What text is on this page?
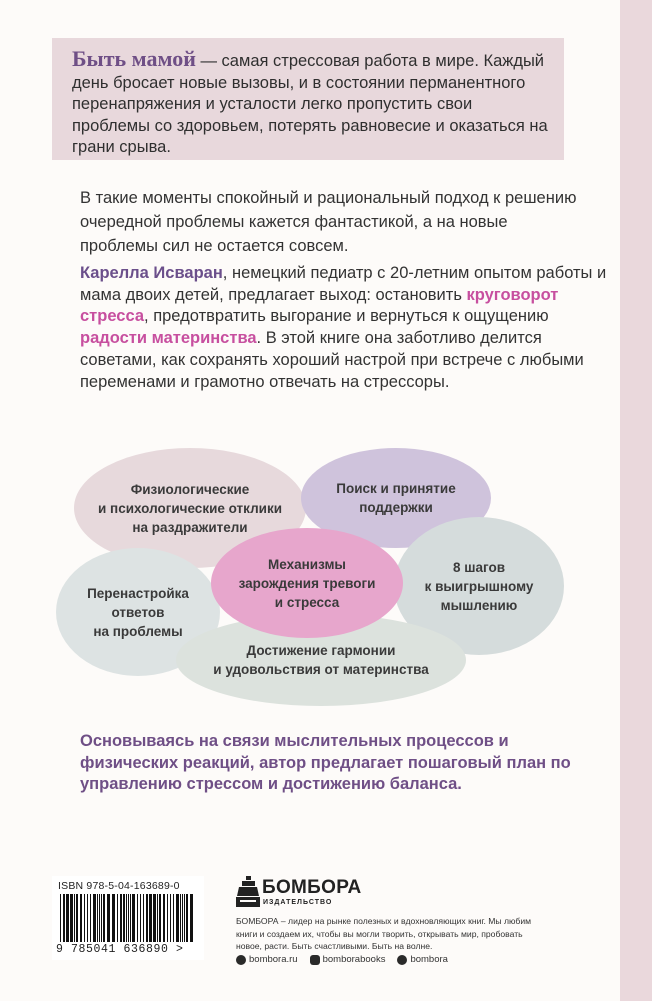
Быть мамой — самая стрессовая работа в мире. Каждый день бросает новые вызовы, и в состоянии перманентного перенапряжения и усталости легко пропустить свои проблемы со здоровьем, потерять равновесие и оказаться на грани срыва.
В такие моменты спокойный и рациональный подход к решению очередной проблемы кажется фантастикой, а на новые проблемы сил не остается совсем.
Карелла Исваран, немецкий педиатр с 20-летним опытом работы и мама двоих детей, предлагает выход: остановить круговорот стресса, предотвратить выгорание и вернуться к ощущению радости материнства. В этой книге она заботливо делится советами, как сохранять хороший настрой при встрече с любыми переменами и грамотно отвечать на стрессоры.
Физиологические
и психологические отклики
на раздражители
Поиск и принятие
поддержки
Перенастройка
ответов
на проблемы
8 шагов
к выигрышному
мышлению
Достижение гармонии
и удовольствия от материнства
Механизмы
зарождения тревоги
и стресса
Основываясь на связи мыслительных процессов и физических реакций, автор предлагает пошаговый план по управлению стрессом и достижению баланса.
ISBN 978-5-04-163689-0
9 785041 636890 >
БОМБОРА
ИЗДАТЕЛЬСТВО
БОМБОРА – лидер на рынке полезных и вдохновляющих книг. Мы любим книги и создаем их, чтобы вы могли творить, открывать мир, пробовать новое, расти. Быть счастливыми. Быть на волне.
bombora.ru	bomborabooks	bombora
